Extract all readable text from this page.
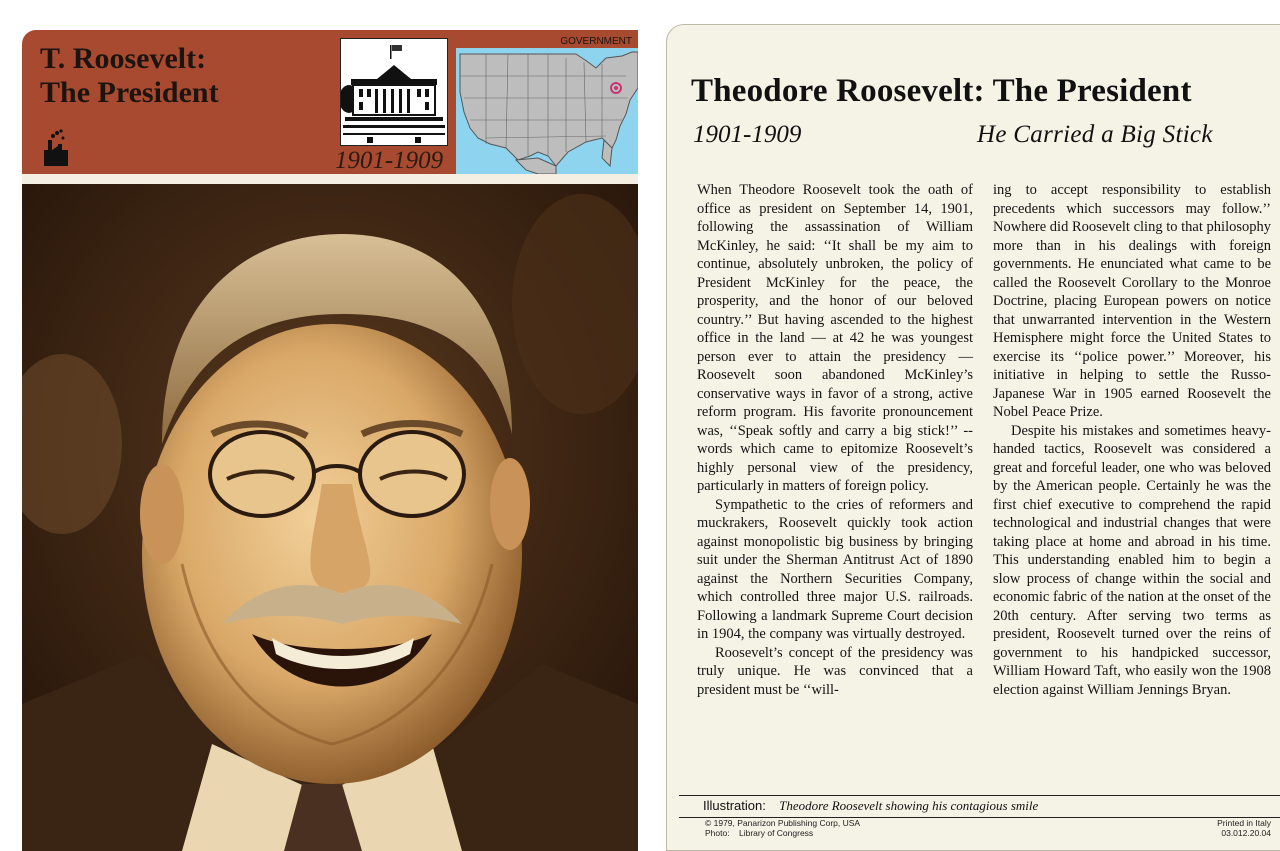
T. Roosevelt:
The President
1901-1909
GOVERNMENT
Theodore Roosevelt: The President
1901-1909	He Carried a Big Stick

When Theodore Roosevelt took the oath of office as president on September 14, 1901, following the assassination of William McKinley, he said: ‘‘It shall be my aim to continue, absolutely unbroken, the policy of President McKinley for the peace, the prosperity, and the honor of our beloved country.’’ But having ascended to the highest office in the land — at 42 he was youngest person ever to attain the presidency — Roosevelt soon abandoned McKinley’s conservative ways in favor of a strong, active reform program. His favorite pronouncement was, ‘‘Speak softly and carry a big stick!’’ -- words which came to epitomize Roosevelt’s highly personal view of the presidency, particularly in matters of foreign policy.

Sympathetic to the cries of reformers and muckrakers, Roosevelt quickly took action against monopolistic big business by bringing suit under the Sherman Antitrust Act of 1890 against the Northern Securities Company, which controlled three major U.S. railroads. Following a landmark Supreme Court decision in 1904, the company was virtually destroyed.

Roosevelt’s concept of the presidency was truly unique. He was convinced that a president must be ‘‘will-

ing to accept responsibility to establish precedents which successors may follow.’’ Nowhere did Roosevelt cling to that philosophy more than in his dealings with foreign governments. He enunciated what came to be called the Roosevelt Corollary to the Monroe Doctrine, placing European powers on notice that unwarranted intervention in the Western Hemisphere might force the United States to exercise its ‘‘police power.’’ Moreover, his initiative in helping to settle the Russo-Japanese War in 1905 earned Roosevelt the Nobel Peace Prize.

Despite his mistakes and sometimes heavy-handed tactics, Roosevelt was considered a great and forceful leader, one who was beloved by the American people. Certainly he was the first chief executive to comprehend the rapid technological and industrial changes that were taking place at home and abroad in his time. This understanding enabled him to begin a slow process of change within the social and economic fabric of the nation at the onset of the 20th century. After serving two terms as president, Roosevelt turned over the reins of government to his handpicked successor, William Howard Taft, who easily won the 1908 election against William Jennings Bryan.

Illustration: Theodore Roosevelt showing his contagious smile
© 1979, Panarizon Publishing Corp, USA
Photo: Library of Congress
Printed in Italy
03.012.20.04
